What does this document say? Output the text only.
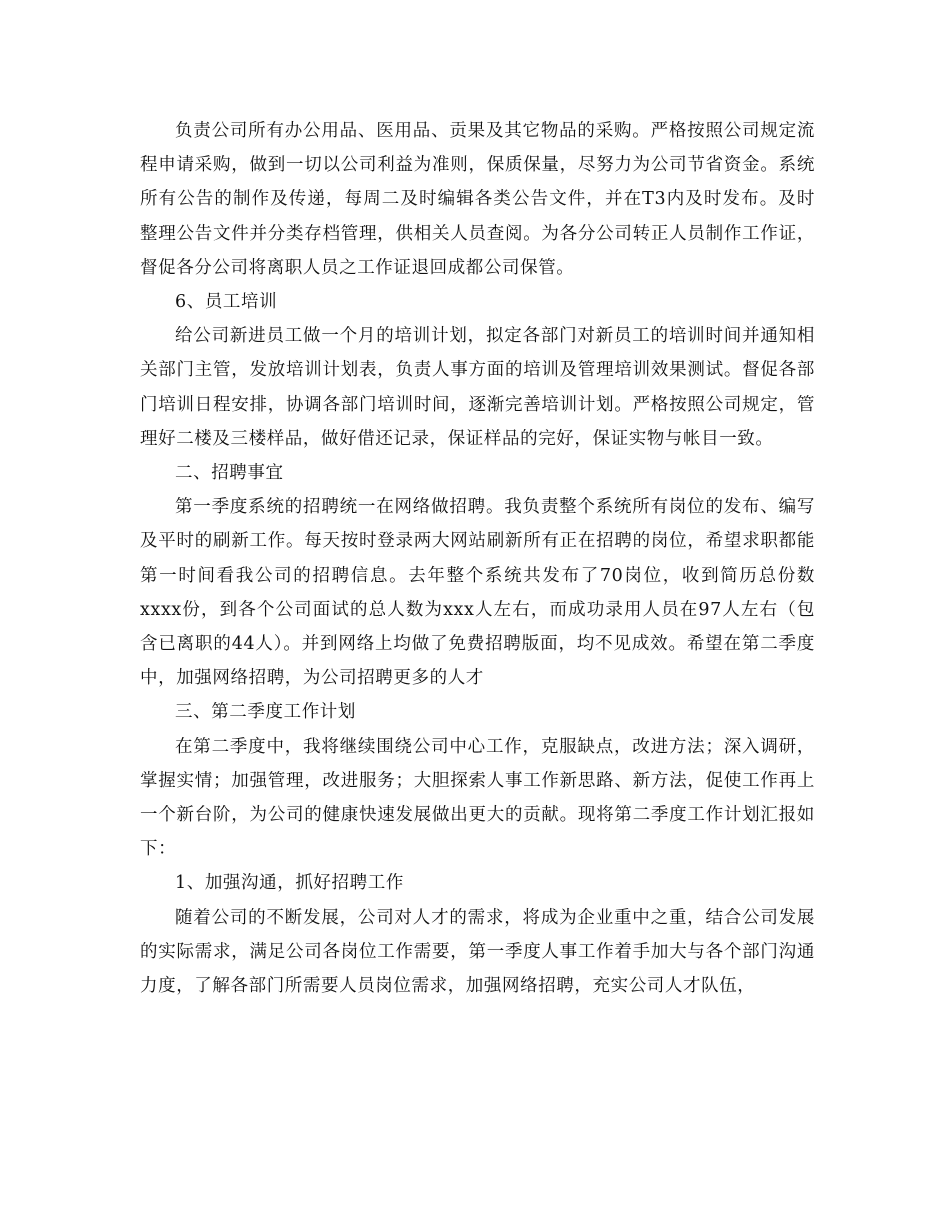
负责公司所有办公用品、医用品、贡果及其它物品的采购。严格按照公司规定流程申请采购，做到一切以公司利益为准则，保质保量，尽努力为公司节省资金。系统所有公告的制作及传递，每周二及时编辑各类公告文件，并在T3内及时发布。及时整理公告文件并分类存档管理，供相关人员查阅。为各分公司转正人员制作工作证，督促各分公司将离职人员之工作证退回成都公司保管。

6、员工培训

给公司新进员工做一个月的培训计划，拟定各部门对新员工的培训时间并通知相关部门主管，发放培训计划表，负责人事方面的培训及管理培训效果测试。督促各部门培训日程安排，协调各部门培训时间，逐渐完善培训计划。严格按照公司规定，管理好二楼及三楼样品，做好借还记录，保证样品的完好，保证实物与帐目一致。

二、招聘事宜

第一季度系统的招聘统一在网络做招聘。我负责整个系统所有岗位的发布、编写及平时的刷新工作。每天按时登录两大网站刷新所有正在招聘的岗位，希望求职都能第一时间看我公司的招聘信息。去年整个系统共发布了70岗位，收到简历总份数xxxx份，到各个公司面试的总人数为xxx人左右，而成功录用人员在97人左右（包含已离职的44人）。并到网络上均做了免费招聘版面，均不见成效。希望在第二季度中，加强网络招聘，为公司招聘更多的人才

三、第二季度工作计划

在第二季度中，我将继续围绕公司中心工作，克服缺点，改进方法；深入调研，掌握实情；加强管理，改进服务；大胆探索人事工作新思路、新方法，促使工作再上一个新台阶，为公司的健康快速发展做出更大的贡献。现将第二季度工作计划汇报如下：

1、加强沟通，抓好招聘工作

随着公司的不断发展，公司对人才的需求，将成为企业重中之重，结合公司发展的实际需求，满足公司各岗位工作需要，第一季度人事工作着手加大与各个部门沟通力度，了解各部门所需要人员岗位需求，加强网络招聘，充实公司人才队伍，
